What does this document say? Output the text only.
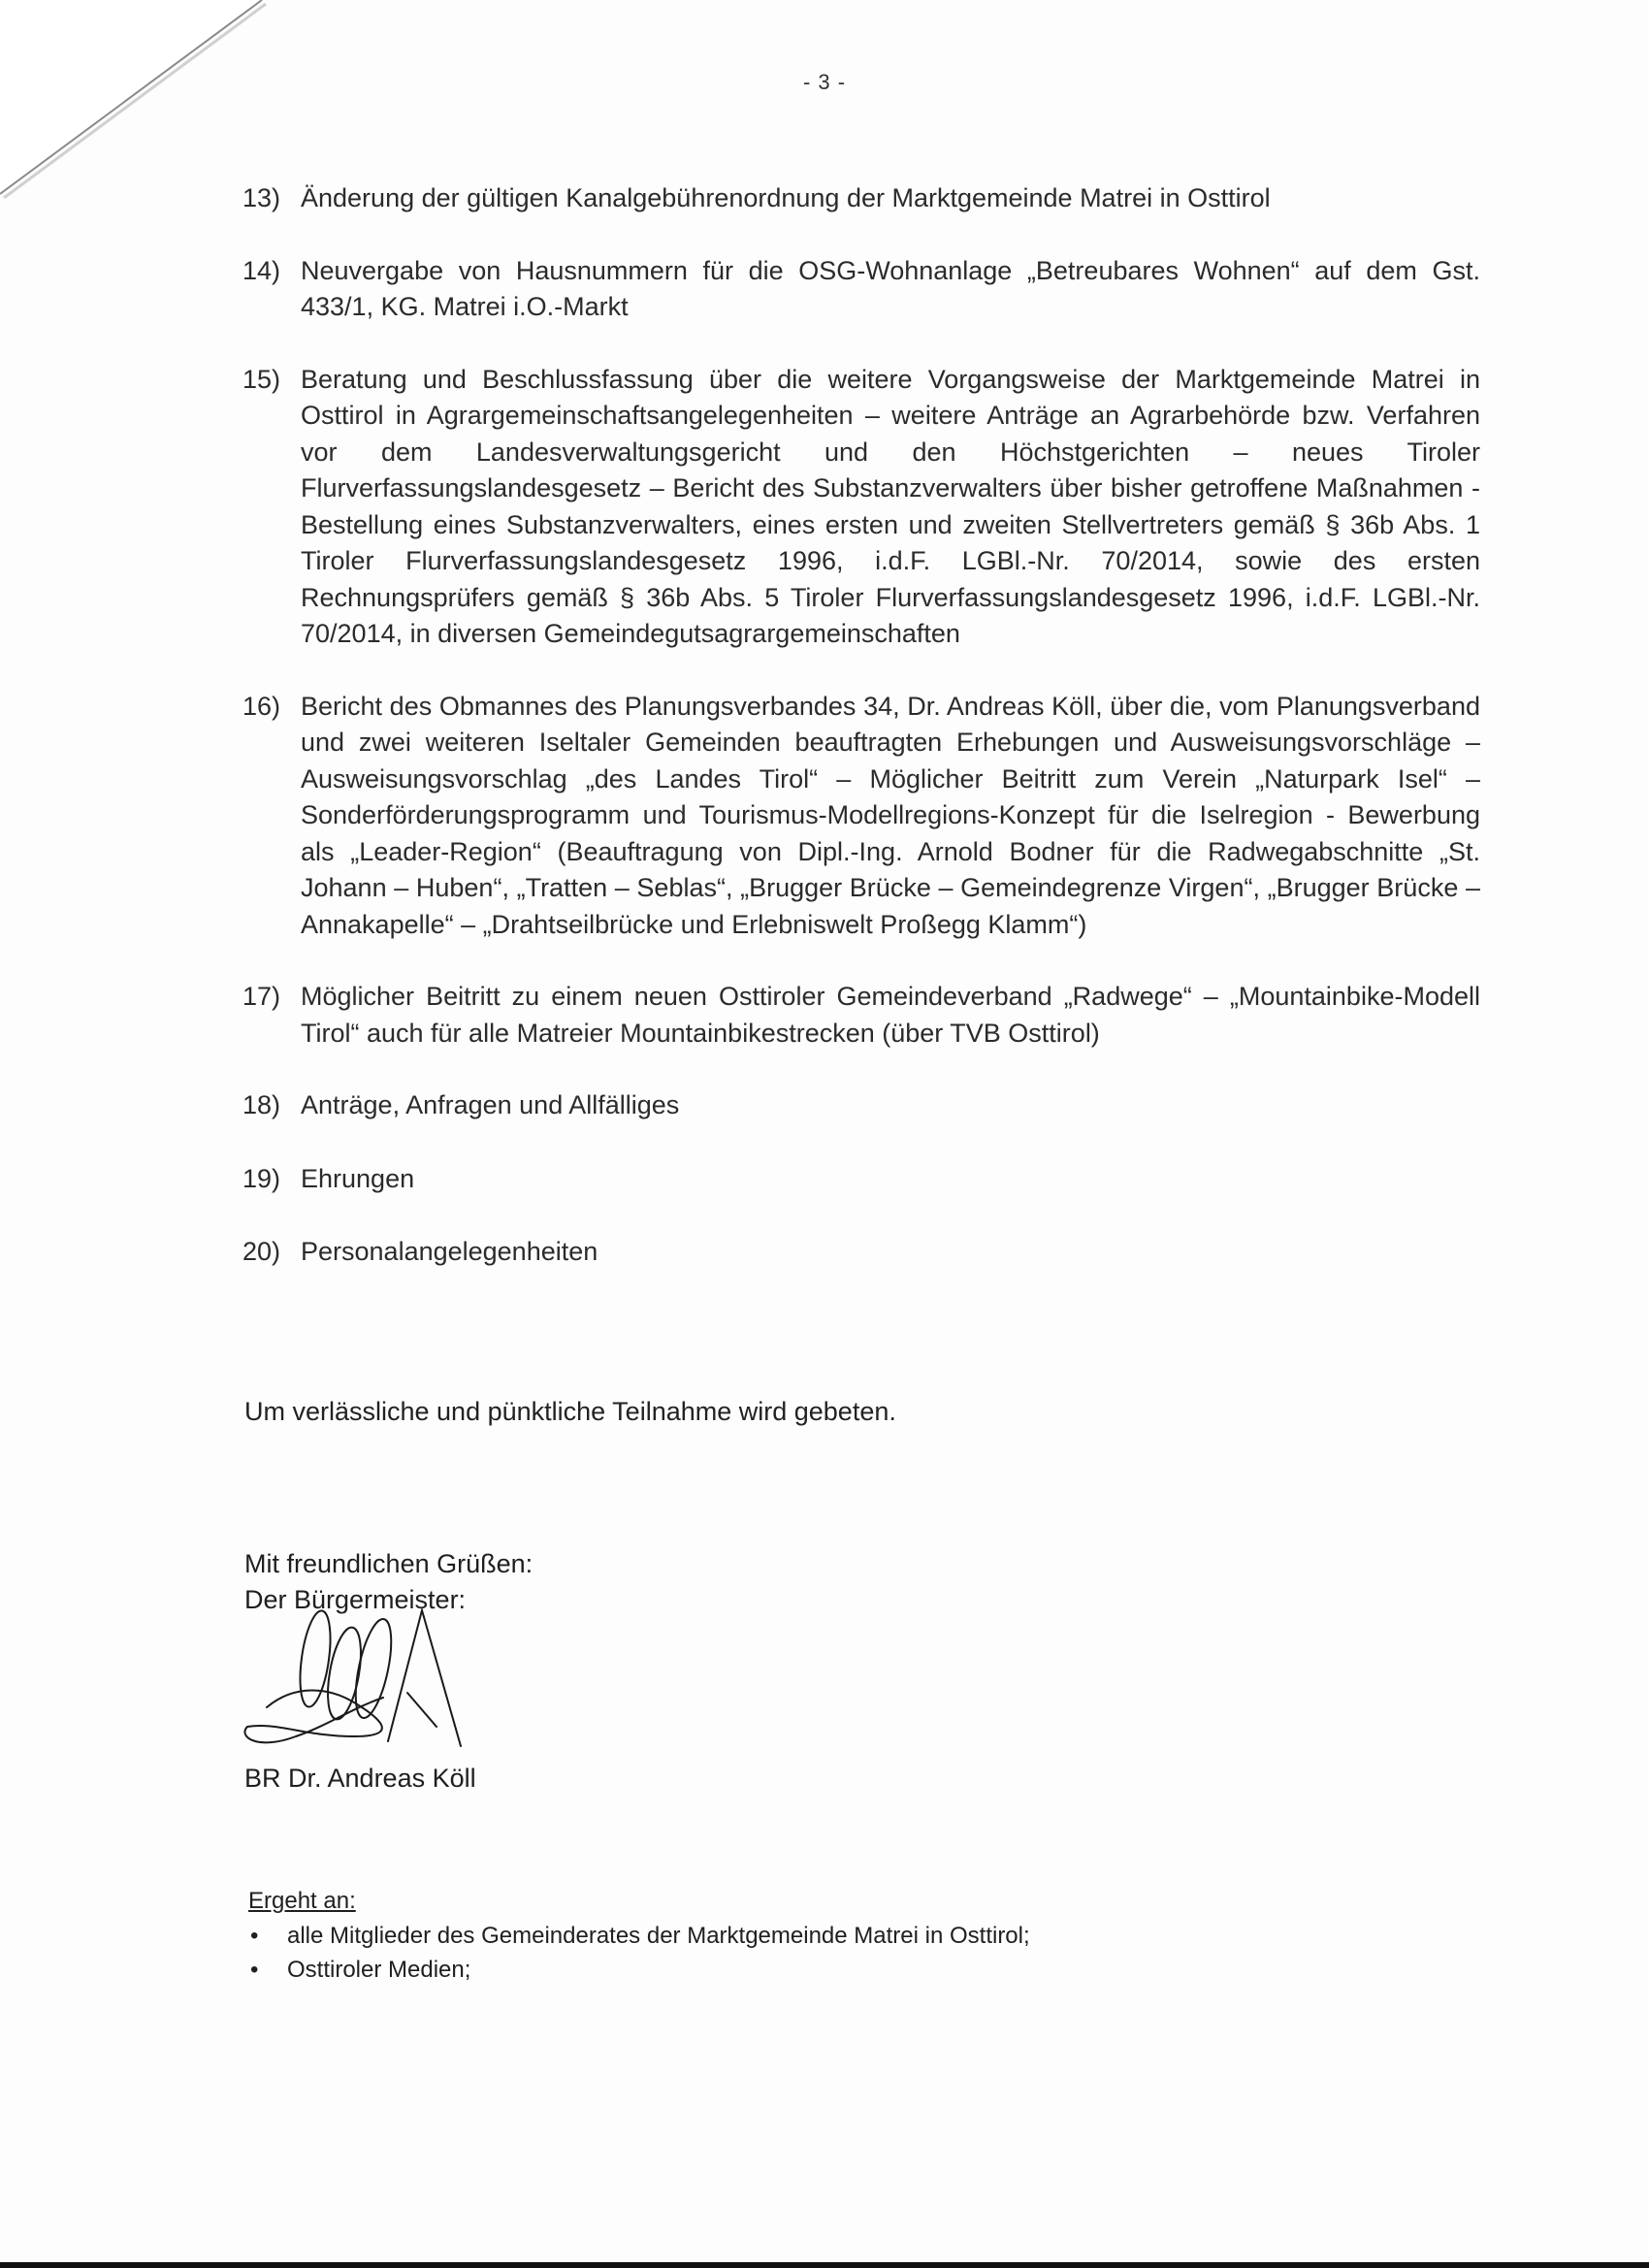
- 3 -
13) Änderung der gültigen Kanalgebührenordnung der Marktgemeinde Matrei in Osttirol
14) Neuvergabe von Hausnummern für die OSG-Wohnanlage „Betreubares Wohnen“ auf dem Gst. 433/1, KG. Matrei i.O.-Markt
15) Beratung und Beschlussfassung über die weitere Vorgangsweise der Marktgemeinde Matrei in Osttirol in Agrargemeinschaftsangelegenheiten – weitere Anträge an Agrarbehörde bzw. Verfahren vor dem Landesverwaltungsgericht und den Höchstgerichten – neues Tiroler Flurverfassungslandesgesetz – Bericht des Substanzverwalters über bisher getroffene Maßnahmen - Bestellung eines Substanzverwalters, eines ersten und zweiten Stellvertreters gemäß § 36b Abs. 1 Tiroler Flurverfassungslandesgesetz 1996, i.d.F. LGBl.-Nr. 70/2014, sowie des ersten Rechnungsprüfers gemäß § 36b Abs. 5 Tiroler Flurverfassungslandesgesetz 1996, i.d.F. LGBl.-Nr. 70/2014, in diversen Gemeindegutsagrargemeinschaften
16) Bericht des Obmannes des Planungsverbandes 34, Dr. Andreas Köll, über die, vom Planungsverband und zwei weiteren Iseltaler Gemeinden beauftragten Erhebungen und Ausweisungsvorschläge – Ausweisungsvorschlag „des Landes Tirol“ – Möglicher Beitritt zum Verein „Naturpark Isel“ – Sonderförderungsprogramm und Tourismus-Modellregions-Konzept für die Iselregion - Bewerbung als „Leader-Region“ (Beauftragung von Dipl.-Ing. Arnold Bodner für die Radwegabschnitte „St. Johann – Huben“, „Tratten – Seblas“, „Brugger Brücke – Gemeindegrenze Virgen“, „Brugger Brücke – Annakapelle“ – „Drahtseilbrücke und Erlebniswelt Proßegg Klamm“)
17) Möglicher Beitritt zu einem neuen Osttiroler Gemeindeverband „Radwege“ – „Mountainbike-Modell Tirol“ auch für alle Matreier Mountainbikestrecken (über TVB Osttirol)
18) Anträge, Anfragen und Allfälliges
19) Ehrungen
20) Personalangelegenheiten
Um verlässliche und pünktliche Teilnahme wird gebeten.
Mit freundlichen Grüßen:
Der Bürgermeister:
BR Dr. Andreas Köll
Ergeht an:
• alle Mitglieder des Gemeinderates der Marktgemeinde Matrei in Osttirol;
• Osttiroler Medien;
